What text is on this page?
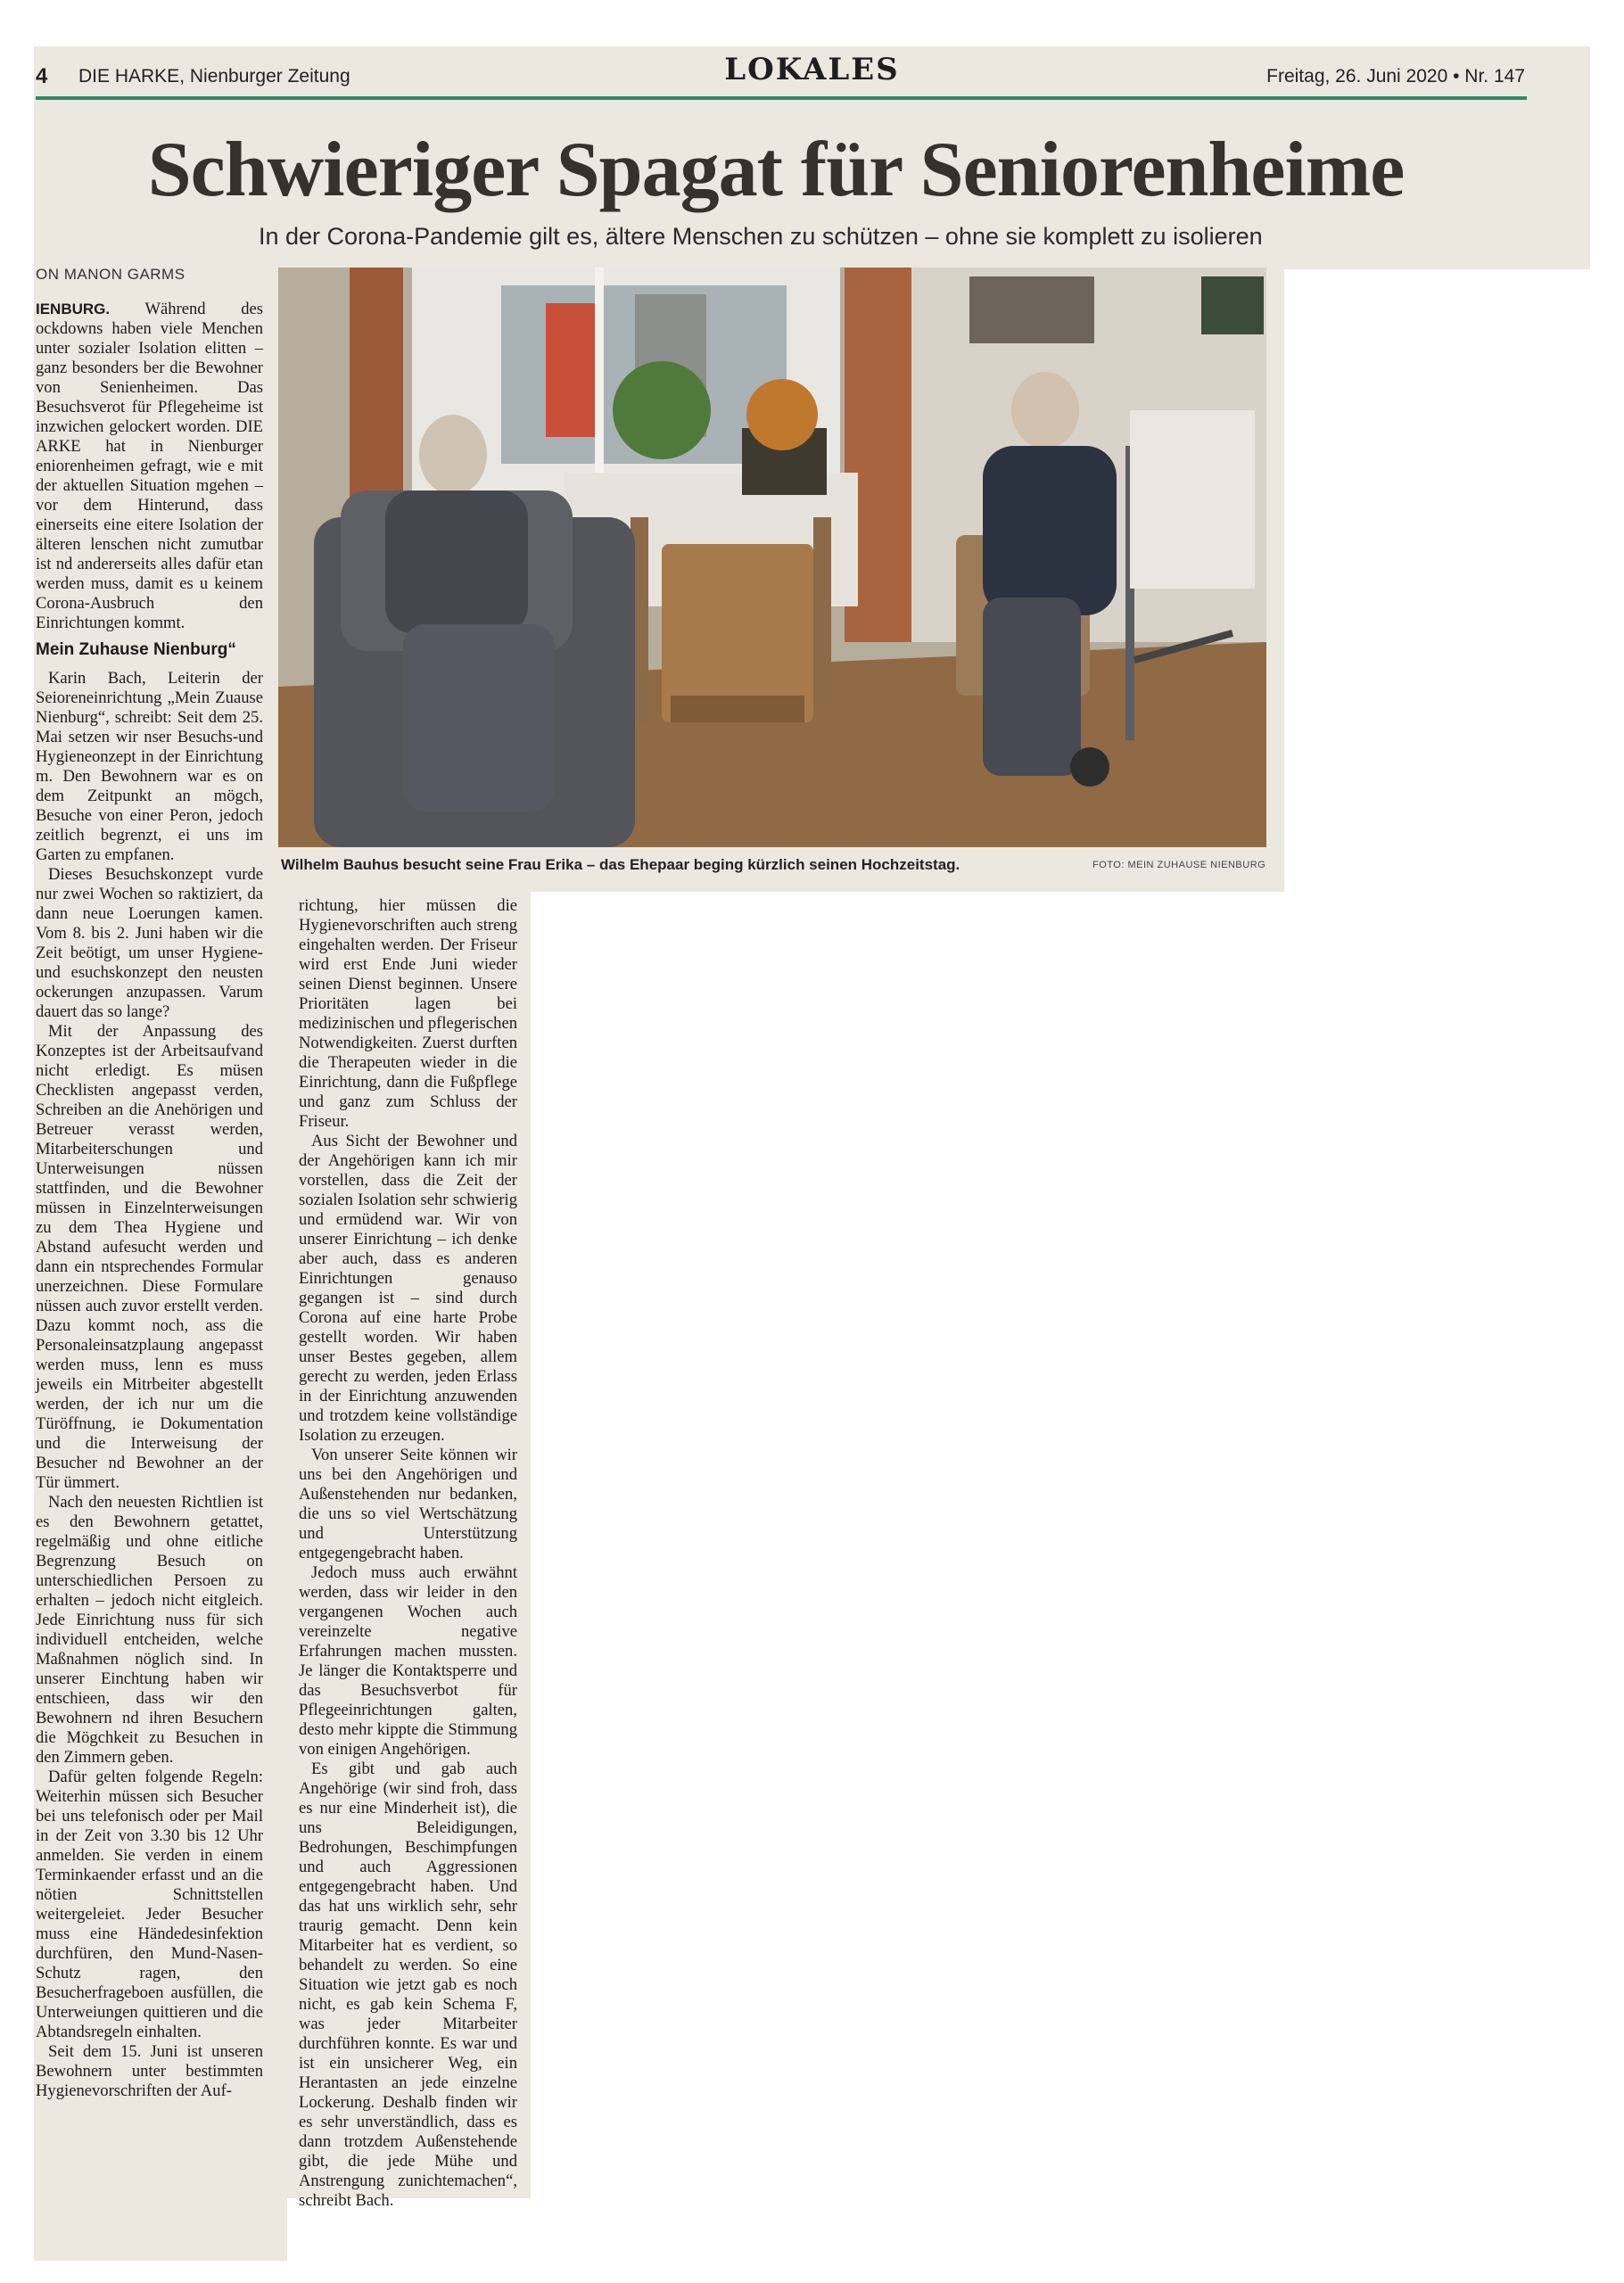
4 DIE HARKE, Nienburger Zeitung	LOKALES	Freitag, 26. Juni 2020 • Nr. 147
Schwieriger Spagat für Seniorenheime
In der Corona-Pandemie gilt es, ältere Menschen zu schützen – ohne sie komplett zu isolieren
ON MANON GARMS

IENBURG. Während des ockdowns haben viele Menchen unter sozialer Isolation elitten – ganz besonders ber die Bewohner von Senienheimen. Das Besuchsverot für Pflegeheime ist inzwichen gelockert worden. DIE ARKE hat in Nienburger eniorenheimen gefragt, wie e mit der aktuellen Situation mgehen – vor dem Hinterund, dass einerseits eine eitere Isolation der älteren lenschen nicht zumutbar ist nd andererseits alles dafür etan werden muss, damit es u keinem Corona-Ausbruch den Einrichtungen kommt.

Mein Zuhause Nienburg“

Karin Bach, Leiterin der Seioreneinrichtung „Mein Zuause Nienburg“, schreibt: Seit dem 25. Mai setzen wir nser Besuchs-und Hygieneonzept in der Einrichtung m. Den Bewohnern war es on dem Zeitpunkt an mögch, Besuche von einer Peron, jedoch zeitlich begrenzt, ei uns im Garten zu empfanen.

Dieses Besuchskonzept vurde nur zwei Wochen so raktiziert, da dann neue Loerungen kamen. Vom 8. bis 2. Juni haben wir die Zeit beötigt, um unser Hygiene-und esuchskonzept den neusten ockerungen anzupassen. Varum dauert das so lange?

Mit der Anpassung des Konzeptes ist der Arbeitsaufvand nicht erledigt. Es müsen Checklisten angepasst verden, Schreiben an die Anehörigen und Betreuer verasst werden, Mitarbeiterschungen und Unterweisungen nüssen stattfinden, und die Bewohner müssen in Einzelnterweisungen zu dem Thea Hygiene und Abstand aufesucht werden und dann ein ntsprechendes Formular unerzeichnen. Diese Formulare nüssen auch zuvor erstellt verden. Dazu kommt noch, ass die Personaleinsatzplaung angepasst werden muss, lenn es muss jeweils ein Mitrbeiter abgestellt werden, der ich nur um die Türöffnung, ie Dokumentation und die Interweisung der Besucher nd Bewohner an der Tür ümmert.

Nach den neuesten Richtlien ist es den Bewohnern getattet, regelmäßig und ohne eitliche Begrenzung Besuch on unterschiedlichen Persoen zu erhalten – jedoch nicht eitgleich. Jede Einrichtung nuss für sich individuell entcheiden, welche Maßnahmen nöglich sind. In unserer Einchtung haben wir entschieen, dass wir den Bewohnern nd ihren Besuchern die Mögchkeit zu Besuchen in den Zimmern geben.

Dafür gelten folgende Regeln: Weiterhin müssen sich Besucher bei uns telefonisch oder per Mail in der Zeit von 3.30 bis 12 Uhr anmelden. Sie verden in einem Terminkaender erfasst und an die nötien Schnittstellen weitergeleiet. Jeder Besucher muss eine Händedesinfektion durchfüren, den Mund-Nasen-Schutz ragen, den Besucherfrageboen ausfüllen, die Unterweiungen quittieren und die Abtandsregeln einhalten.

Seit dem 15. Juni ist unseren Bewohnern unter bestimmten Hygienevorschriften der Auf-

Wilhelm Bauhus besucht seine Frau Erika – das Ehepaar beging kürzlich seinen Hochzeitstag.	FOTO: MEIN ZUHAUSE NIENBURG

richtung, hier müssen die Hygienevorschriften auch streng eingehalten werden. Der Friseur wird erst Ende Juni wieder seinen Dienst beginnen. Unsere Prioritäten lagen bei medizinischen und pflegerischen Notwendigkeiten. Zuerst durften die Therapeuten wieder in die Einrichtung, dann die Fußpflege und ganz zum Schluss der Friseur.

Aus Sicht der Bewohner und der Angehörigen kann ich mir vorstellen, dass die Zeit der sozialen Isolation sehr schwierig und ermüdend war. Wir von unserer Einrichtung – ich denke aber auch, dass es anderen Einrichtungen genauso gegangen ist – sind durch Corona auf eine harte Probe gestellt worden. Wir haben unser Bestes gegeben, allem gerecht zu werden, jeden Erlass in der Einrichtung anzuwenden und trotzdem keine vollständige Isolation zu erzeugen.

Von unserer Seite können wir uns bei den Angehörigen und Außenstehenden nur bedanken, die uns so viel Wertschätzung und Unterstützung entgegengebracht haben.

Jedoch muss auch erwähnt werden, dass wir leider in den vergangenen Wochen auch vereinzelte negative Erfahrungen machen mussten. Je länger die Kontaktsperre und das Besuchsverbot für Pflegeeinrichtungen galten, desto mehr kippte die Stimmung von einigen Angehörigen.

Es gibt und gab auch Angehörige (wir sind froh, dass es nur eine Minderheit ist), die uns Beleidigungen, Bedrohungen, Beschimpfungen und auch Aggressionen entgegengebracht haben. Und das hat uns wirklich sehr, sehr traurig gemacht. Denn kein Mitarbeiter hat es verdient, so behandelt zu werden. So eine Situation wie jetzt gab es noch nicht, es gab kein Schema F, was jeder Mitarbeiter durchführen konnte. Es war und ist ein unsicherer Weg, ein Herantasten an jede einzelne Lockerung. Deshalb finden wir es sehr unverständlich, dass es dann trotzdem Außenstehende gibt, die jede Mühe und Anstrengung zunichtemachen“, schreibt Bach.
